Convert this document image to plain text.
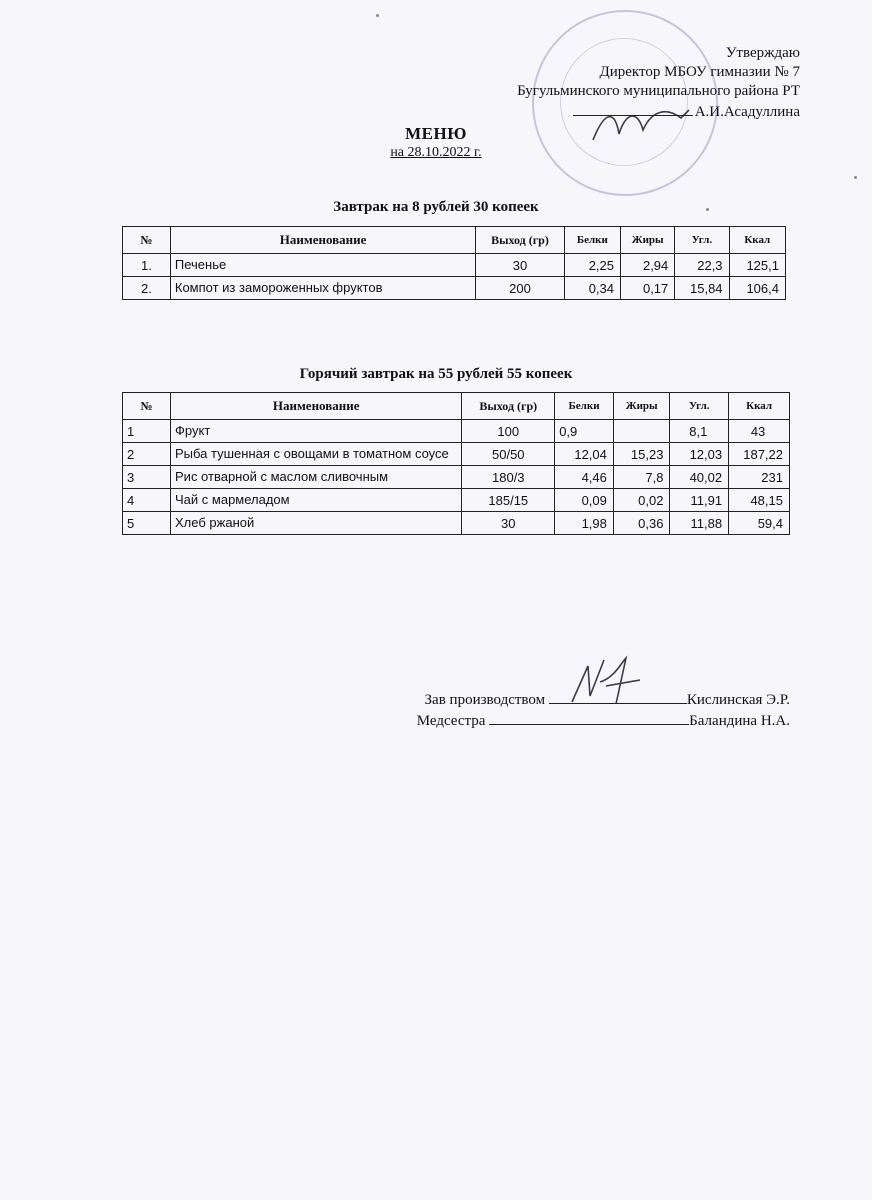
Утверждаю
Директор МБОУ гимназии № 7
Бугульминского муниципального района РТ
А.И.Асадуллина
МЕНЮ
на 28.10.2022 г.
Завтрак на 8 рублей 30 копеек
№	Наименование	Выход (гр)	Белки	Жиры	Угл.	Ккал
1.	Печенье	30	2,25	2,94	22,3	125,1
2.	Компот из замороженных фруктов	200	0,34	0,17	15,84	106,4
Горячий завтрак на 55 рублей 55 копеек
№	Наименование	Выход (гр)	Белки	Жиры	Угл.	Ккал
1	Фрукт	100	0,9		8,1	43
2	Рыба тушенная с овощами в томатном соусе	50/50	12,04	15,23	12,03	187,22
3	Рис отварной с маслом сливочным	180/3	4,46	7,8	40,02	231
4	Чай с мармеладом	185/15	0,09	0,02	11,91	48,15
5	Хлеб ржаной	30	1,98	0,36	11,88	59,4
Зав производством	Кислинская Э.Р.
Медсестра	Баландина Н.А.
